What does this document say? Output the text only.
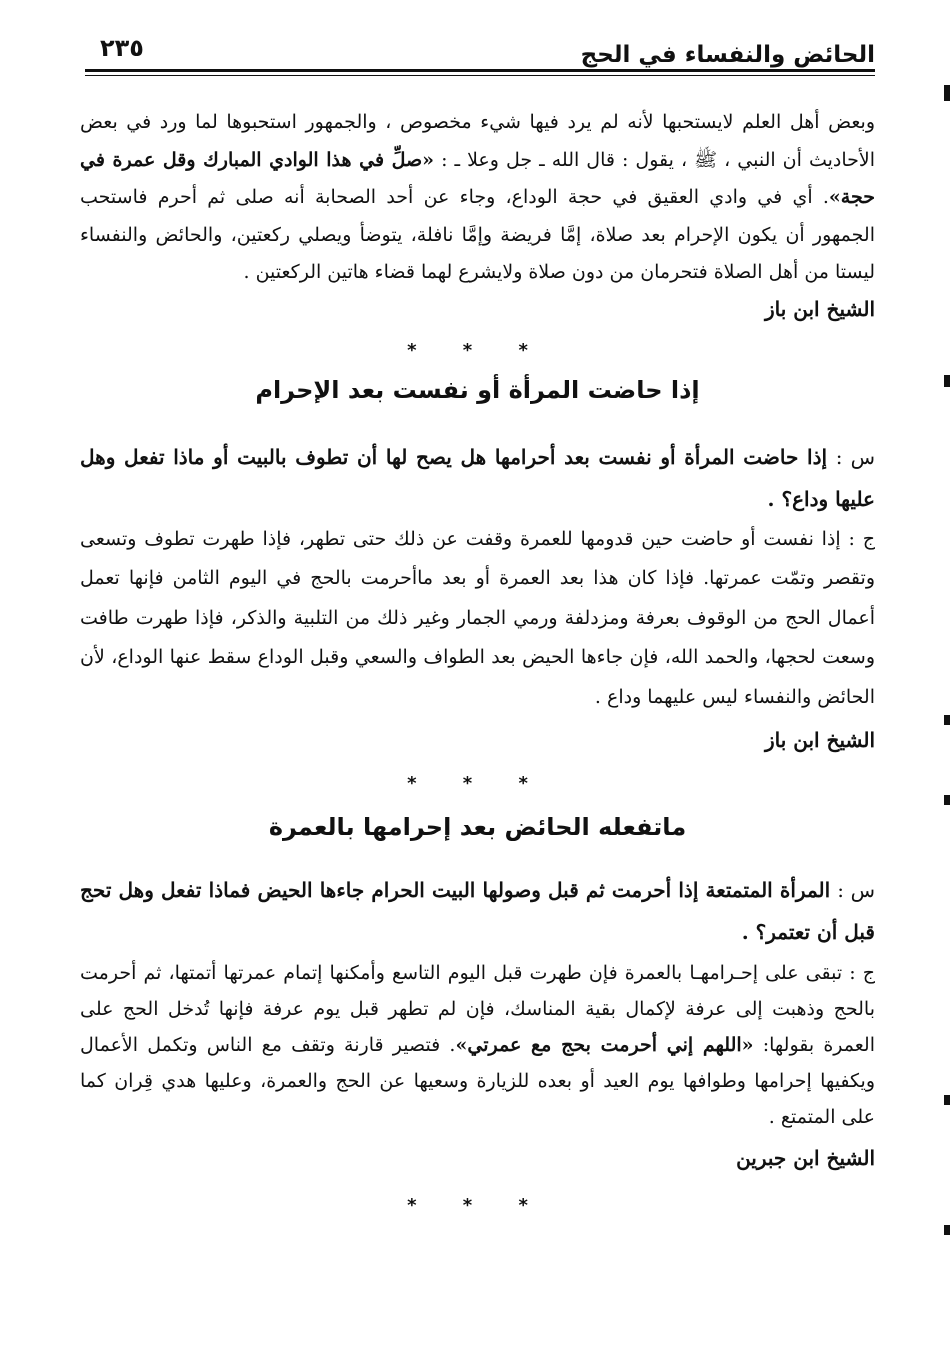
الحائض والنفساء في الحج
٢٣٥

وبعض أهل العلم لايستحبها لأنه لم يرد فيها شيء مخصوص ، والجمهور استحبوها لما ورد في بعض الأحاديث أن النبي ، ﷺ ، يقول : قال الله ـ جل وعلا ـ : «صلِّ في هذا الوادي المبارك وقل عمرة في حجة». أي في وادي العقيق في حجة الوداع، وجاء عن أحد الصحابة أنه صلى ثم أحرم فاستحب الجمهور أن يكون الإحرام بعد صلاة، إمَّا فريضة وإمَّا نافلة، يتوضأ ويصلي ركعتين، والحائض والنفساء ليستا من أهل الصلاة فتحرمان من دون صلاة ولايشرع لهما قضاء هاتين الركعتين .

الشيخ ابن باز
* * *
إذا حاضت المرأة أو نفست بعد الإحرام

س : إذا حاضت المرأة أو نفست بعد أحرامها هل يصح لها أن تطوف بالبيت أو ماذا تفعل وهل عليها وداع؟ .

ج : إذا نفست أو حاضت حين قدومها للعمرة وقفت عن ذلك حتى تطهر، فإذا طهرت تطوف وتسعى وتقصر وتمّت عمرتها. فإذا كان هذا بعد العمرة أو بعد ماأحرمت بالحج في اليوم الثامن فإنها تعمل أعمال الحج من الوقوف بعرفة ومزدلفة ورمي الجمار وغير ذلك من التلبية والذكر، فإذا طهرت طافت وسعت لحجها، والحمد الله، فإن جاءها الحيض بعد الطواف والسعي وقبل الوداع سقط عنها الوداع، لأن الحائض والنفساء ليس عليهما وداع .

الشيخ ابن باز
* * *
ماتفعله الحائض بعد إحرامها بالعمرة

س : المرأة المتمتعة إذا أحرمت ثم قبل وصولها البيت الحرام جاءها الحيض فماذا تفعل وهل تحج قبل أن تعتمر؟ .

ج : تبقى على إحـرامهـا بالعمرة فإن طهرت قبل اليوم التاسع وأمكنها إتمام عمرتها أتمتها، ثم أحرمت بالحج وذهبت إلى عرفة لإكمال بقية المناسك، فإن لم تطهر قبل يوم عرفة فإنها تُدخل الحج على العمرة بقولها: «اللهم إني أحرمت بحج مع عمرتي». فتصير قارنة وتقف مع الناس وتكمل الأعمال ويكفيها إحرامها وطوافها يوم العيد أو بعده للزيارة وسعيها عن الحج والعمرة، وعليها هدي قِران كما على المتمتع .

الشيخ ابن جبرين
* * *
